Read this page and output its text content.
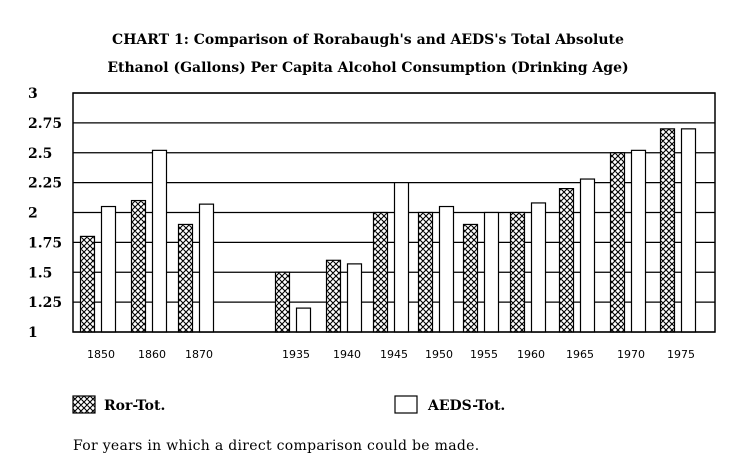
CHART 1: Comparison of Rorabaugh's and AEDS's Total Absolute
Ethanol (Gallons) Per Capita Alcohol Consumption (Drinking Age)
1
1.25
1.5
1.75
2
2.25
2.5
2.75
3
1850 1860 1870	1935 1940 1945 1950 1955 1960 1965 1970 1975
Ror-Tot.	AEDS-Tot.
For years in which a direct comparison could be made.
